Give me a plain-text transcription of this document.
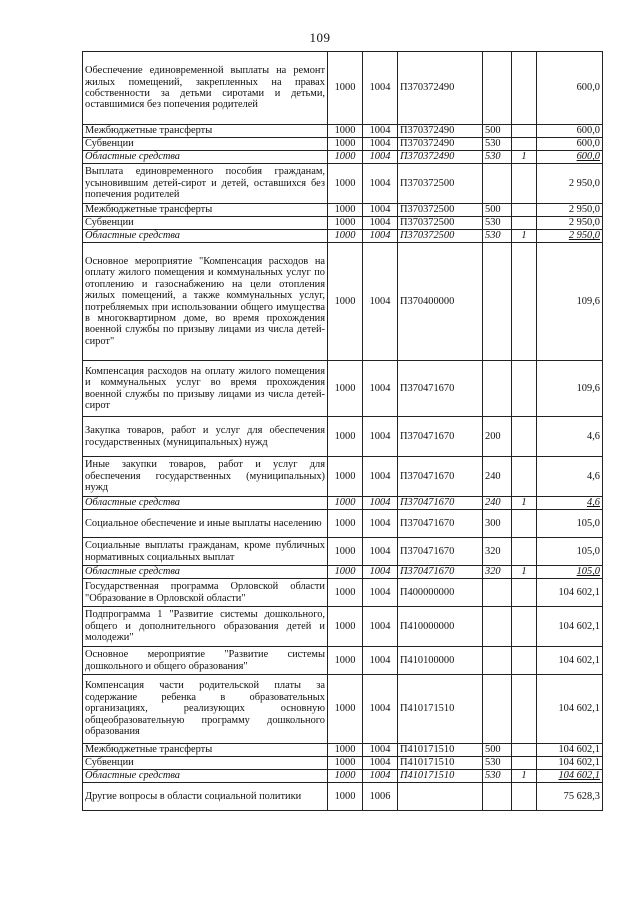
109
Обеспечение единовременной выплаты на ремонт жилых помещений, закрепленных на правах собственности за детьми сиротами и детьми, оставшимися без попечения родителей	1000	1004	П370372490			600,0
Межбюджетные трансферты	1000	1004	П370372490	500		600,0
Субвенции	1000	1004	П370372490	530		600,0
Областные средства	1000	1004	П370372490	530	1	600,0
Выплата единовременного пособия гражданам, усыновившим детей-сирот и детей, оставшихся без попечения родителей	1000	1004	П370372500			2 950,0
Межбюджетные трансферты	1000	1004	П370372500	500		2 950,0
Субвенции	1000	1004	П370372500	530		2 950,0
Областные средства	1000	1004	П370372500	530	1	2 950,0
Основное мероприятие "Компенсация расходов на оплату жилого помещения и коммунальных услуг по отоплению и газоснабжению на цели отопления жилых помещений, а также коммунальных услуг, потребляемых при использовании общего имущества в многоквартирном доме, во время прохождения военной службы по призыву лицами из числа детей-сирот"	1000	1004	П370400000			109,6
Компенсация расходов на оплату жилого помещения и коммунальных услуг во время прохождения военной службы по призыву лицами из числа детей-сирот	1000	1004	П370471670			109,6
Закупка товаров, работ и услуг для обеспечения государственных (муниципальных) нужд	1000	1004	П370471670	200		4,6
Иные закупки товаров, работ и услуг для обеспечения государственных (муниципальных) нужд	1000	1004	П370471670	240		4,6
Областные средства	1000	1004	П370471670	240	1	4,6
Социальное обеспечение и иные выплаты населению	1000	1004	П370471670	300		105,0
Социальные выплаты гражданам, кроме публичных нормативных социальных выплат	1000	1004	П370471670	320		105,0
Областные средства	1000	1004	П370471670	320	1	105,0
Государственная программа Орловской области "Образование в Орловской области"	1000	1004	П400000000			104 602,1
Подпрограмма 1 "Развитие системы дошкольного, общего и дополнительного образования детей и молодежи"	1000	1004	П410000000			104 602,1
Основное мероприятие "Развитие системы дошкольного и общего образования"	1000	1004	П410100000			104 602,1
Компенсация части родительской платы за содержание ребенка в образовательных организациях, реализующих основную общеобразовательную программу дошкольного образования	1000	1004	П410171510			104 602,1
Межбюджетные трансферты	1000	1004	П410171510	500		104 602,1
Субвенции	1000	1004	П410171510	530		104 602,1
Областные средства	1000	1004	П410171510	530	1	104 602,1
Другие вопросы в области социальной политики	1000	1006				75 628,3
